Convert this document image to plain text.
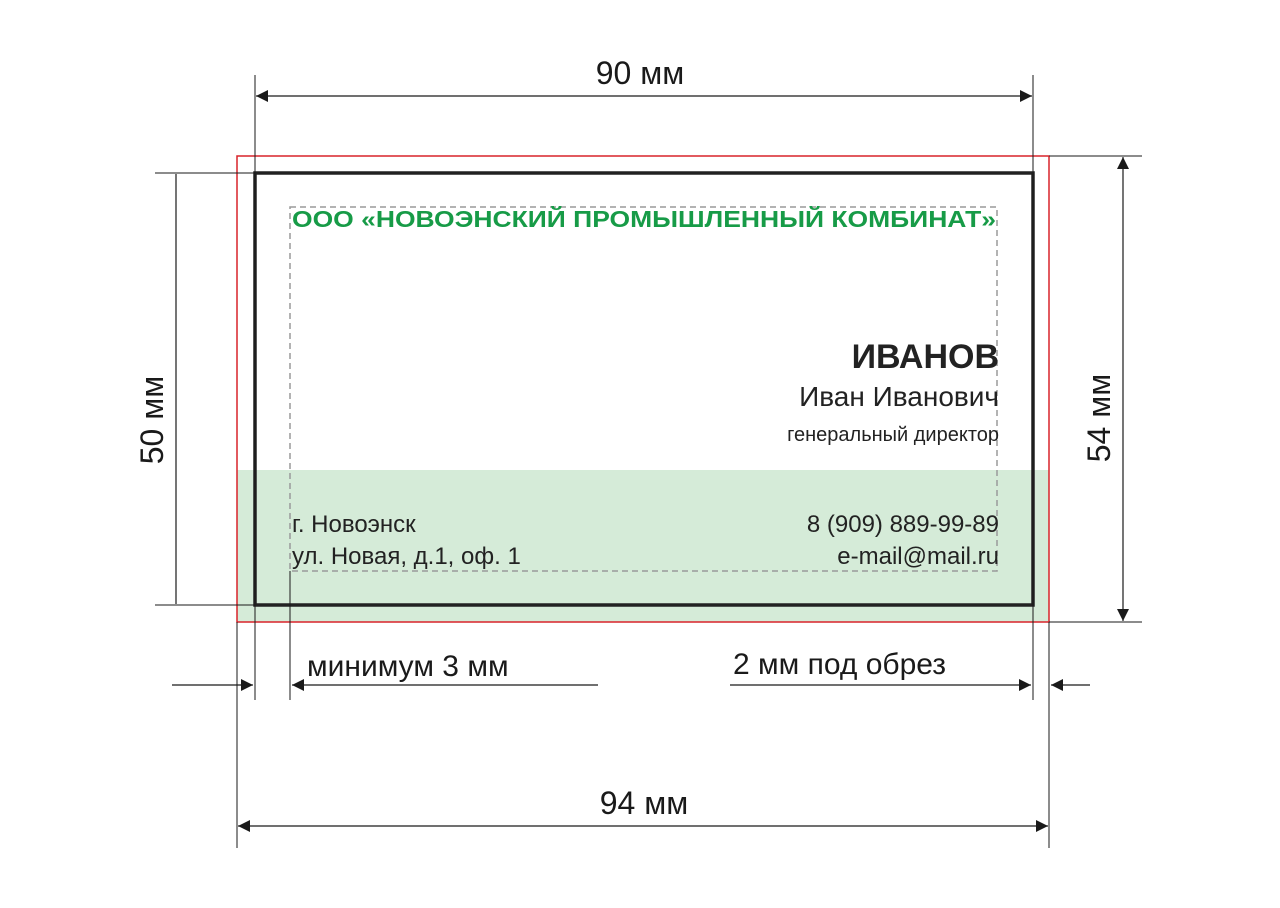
90 мм
50 мм	54 мм
94 мм
минимум 3 мм	2 мм под обрез
ООО «НОВОЭНСКИЙ ПРОМЫШЛЕННЫЙ КОМБИНАТ»
ИВАНОВ
Иван Иванович
генеральный директор
г. Новоэнск
ул. Новая, д.1, оф. 1
8 (909) 889-99-89
e-mail@mail.ru
